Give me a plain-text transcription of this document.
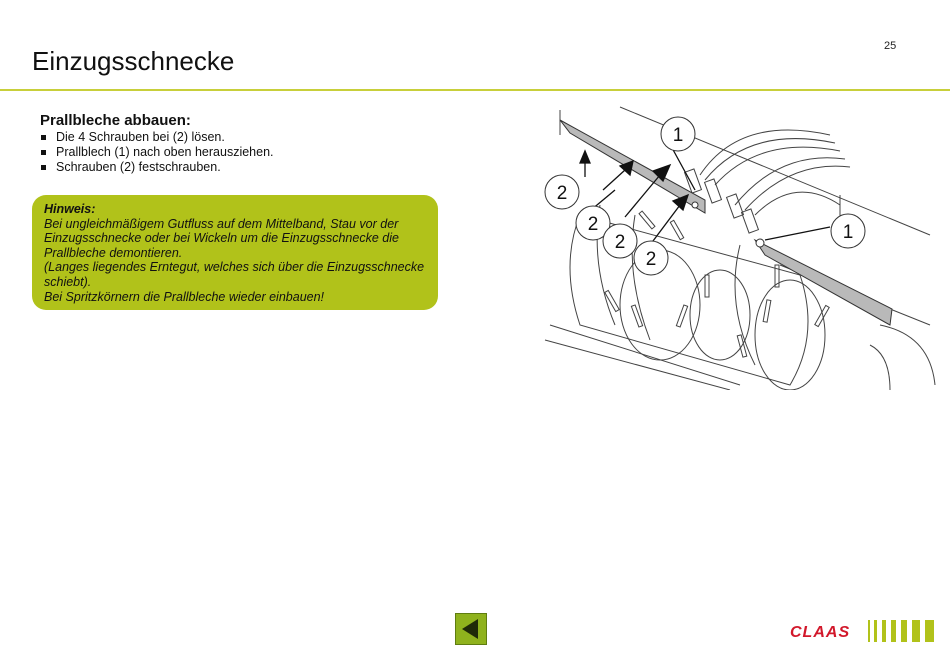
25
Einzugsschnecke
Prallbleche abbauen:
Die 4 Schrauben bei (2) lösen.
Prallblech (1) nach oben herausziehen.
Schrauben (2) festschrauben.
Hinweis:
Bei ungleichmäßigem Gutfluss auf dem Mittelband, Stau vor der
Einzugsschnecke oder bei Wickeln um die Einzugsschnecke die
Prallbleche demontieren.
(Langes liegendes Erntegut, welches sich über die Einzugsschnecke
schiebt).
Bei Spritzkörnern die Prallbleche wieder einbauen!
1
1
2
2
2
2
CLAAS
